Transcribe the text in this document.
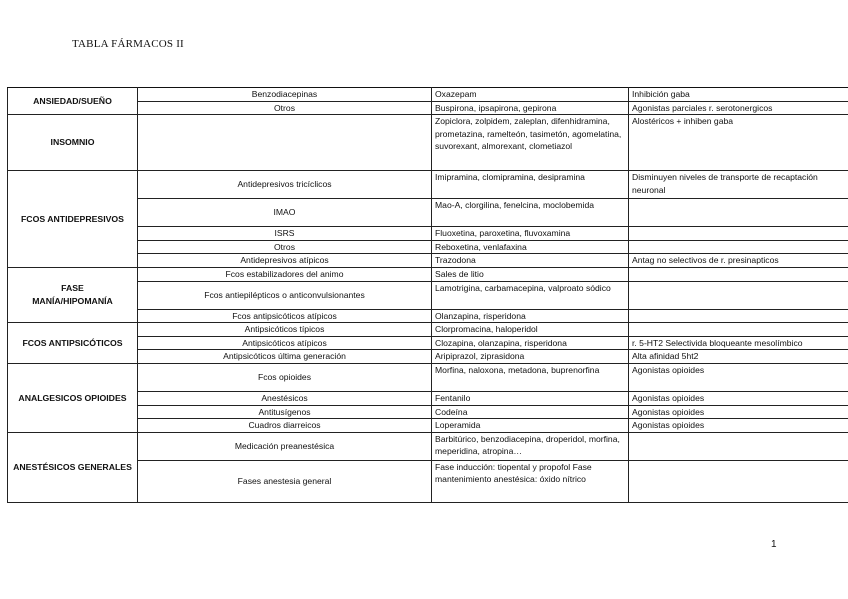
TABLA FÁRMACOS II
ANSIEDAD/SUEÑO	Benzodiacepinas	Oxazepam	Inhibición gaba
	Otros	Buspirona, ipsapirona, gepirona	Agonistas parciales r. serotonergicos

INSOMNIO		Zopiclora, zolpidem, zaleplan, difenhidramina, prometazina, rameltеón, tasimetón, agomelatina, suvorexant, almorexant, clometiazol	Alostéricos + inhiben gaba

FCOS ANTIDEPRESIVOS	Antidepresivos tricíclicos	Imipramina, clomipramina, desipramina	Disminuyen niveles de transporte de recaptación neuronal
	IMAO	Mao-A, clorgilina, fenelcina, moclobemida	
	ISRS	Fluoxetina, paroxetina, fluvoxamina	
	Otros	Reboxetina, venlafaxina	
	Antidepresivos atípicos	Trazodona	Antag no selectivos de r. presinapticos

FASE
MANÍA/HIPOMANÍA	Fcos estabilizadores del animo	Sales de litio	
	Fcos antiepilépticos o anticonvulsionantes	Lamotrigina, carbamacepina, valproato sódico	
	Fcos antipsicóticos atípicos	Olanzapina, risperidona	

FCOS ANTIPSICÓTICOS	Antipsicóticos típicos	Clorpromacina, haloperidol	
	Antipsicóticos atípicos	Clozapina, olanzapina, risperidona	r. 5-HT2 Selectivida bloqueante mesolímbico
	Antipsicóticos última generación	Aripiprazol, ziprasidona	Alta afinidad 5ht2

ANALGESICOS OPIOIDES	Fcos opioides	Morfina, naloxona, metadona, buprenorfina	Agonistas opioides
	Anestésicos	Fentanilo	Agonistas opioides
	Antitusígenos	Codeína	Agonistas opioides
	Cuadros diarreicos	Loperamida	Agonistas opioides

ANESTÉSICOS GENERALES	Medicación preanestésica	Barbitúrico, benzodiacepina, droperidol, morfina, meperidina, atropina…	
	Fases anestesia general	Fase inducción: tiopental y propofol Fase mantenimiento anestésica: óxido nítrico	
1
